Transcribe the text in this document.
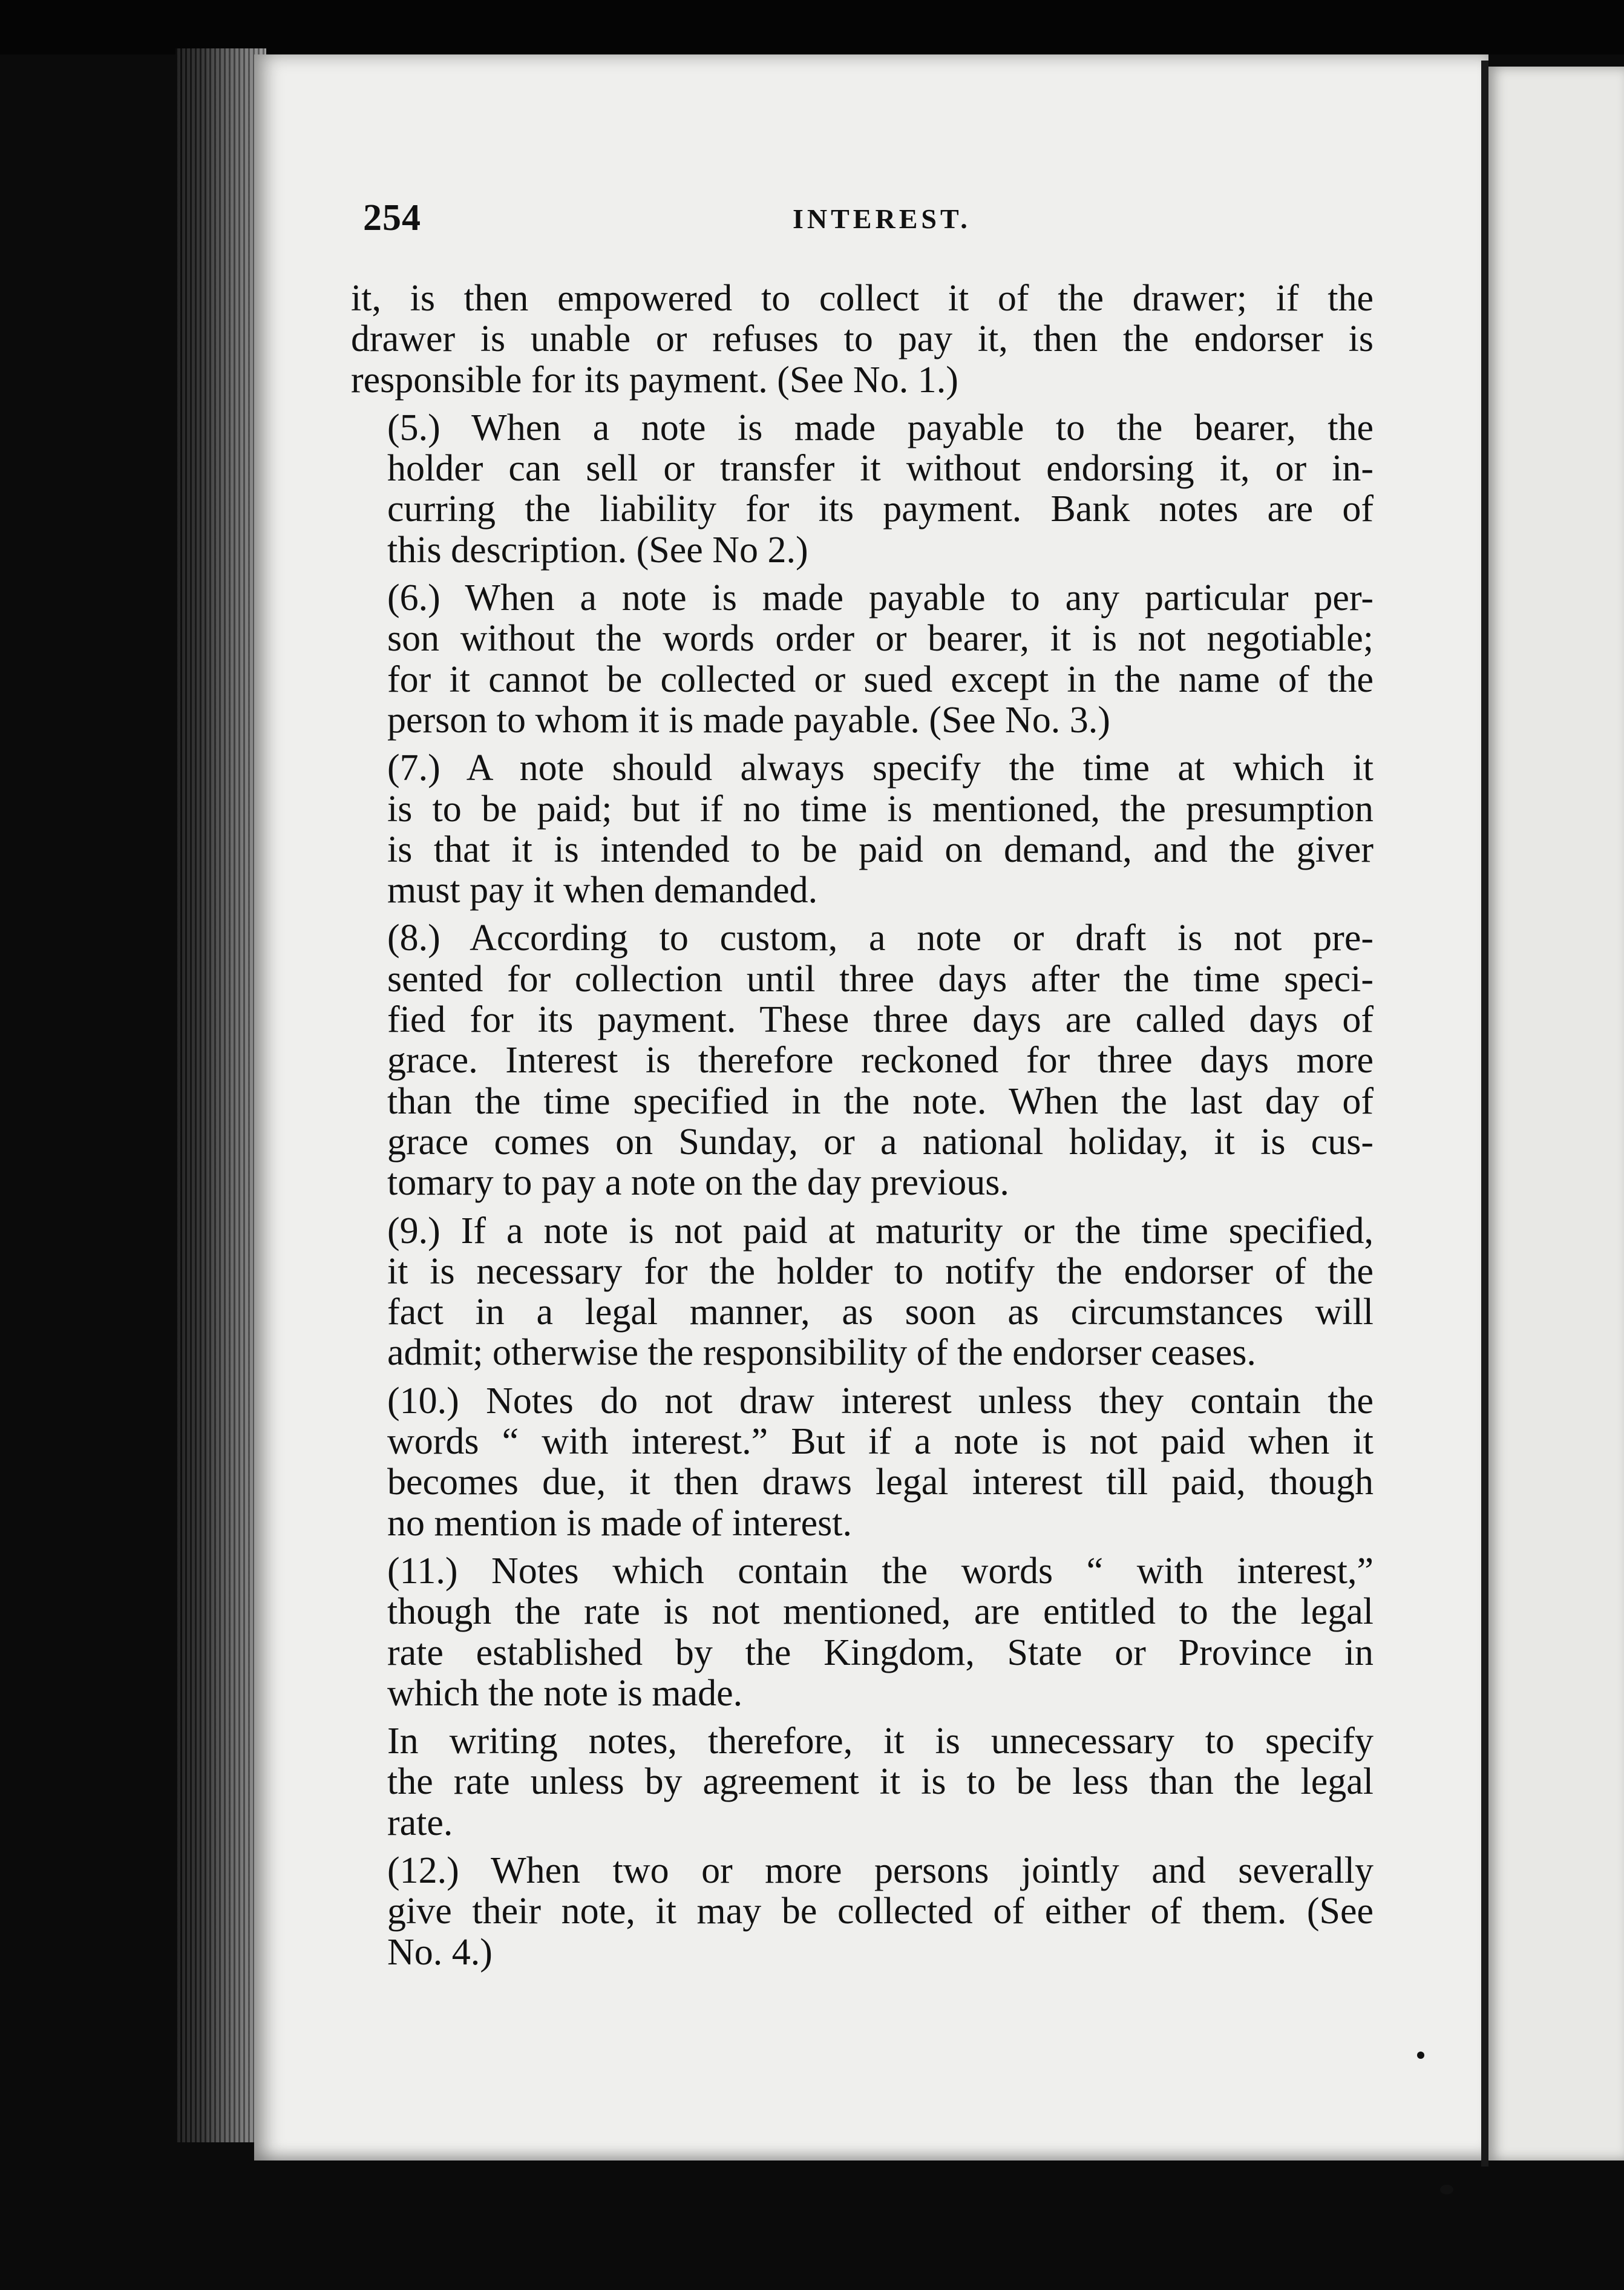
254	INTEREST.
it, is then empowered to collect it of the drawer; if the
drawer is unable or refuses to pay it, then the endorser is
responsible for its payment. (See No. 1.)
(5.) When a note is made payable to the bearer, the
holder can sell or transfer it without endorsing it, or in-
curring the liability for its payment. Bank notes are of
this description. (See No 2.)
(6.) When a note is made payable to any particular per-
son without the words order or bearer, it is not negotiable;
for it cannot be collected or sued except in the name of the
person to whom it is made payable. (See No. 3.)
(7.) A note should always specify the time at which it
is to be paid; but if no time is mentioned, the presumption
is that it is intended to be paid on demand, and the giver
must pay it when demanded.
(8.) According to custom, a note or draft is not pre-
sented for collection until three days after the time speci-
fied for its payment. These three days are called days of
grace. Interest is therefore reckoned for three days more
than the time specified in the note. When the last day of
grace comes on Sunday, or a national holiday, it is cus-
tomary to pay a note on the day previous.
(9.) If a note is not paid at maturity or the time specified,
it is necessary for the holder to notify the endorser of the
fact in a legal manner, as soon as circumstances will
admit; otherwise the responsibility of the endorser ceases.
(10.) Notes do not draw interest unless they contain the
words “ with interest.” But if a note is not paid when it
becomes due, it then draws legal interest till paid, though
no mention is made of interest.
(11.) Notes which contain the words “ with interest,”
though the rate is not mentioned, are entitled to the legal
rate established by the Kingdom, State or Province in
which the note is made.
In writing notes, therefore, it is unnecessary to specify
the rate unless by agreement it is to be less than the legal
rate.
(12.) When two or more persons jointly and severally
give their note, it may be collected of either of them. (See
No. 4.)
